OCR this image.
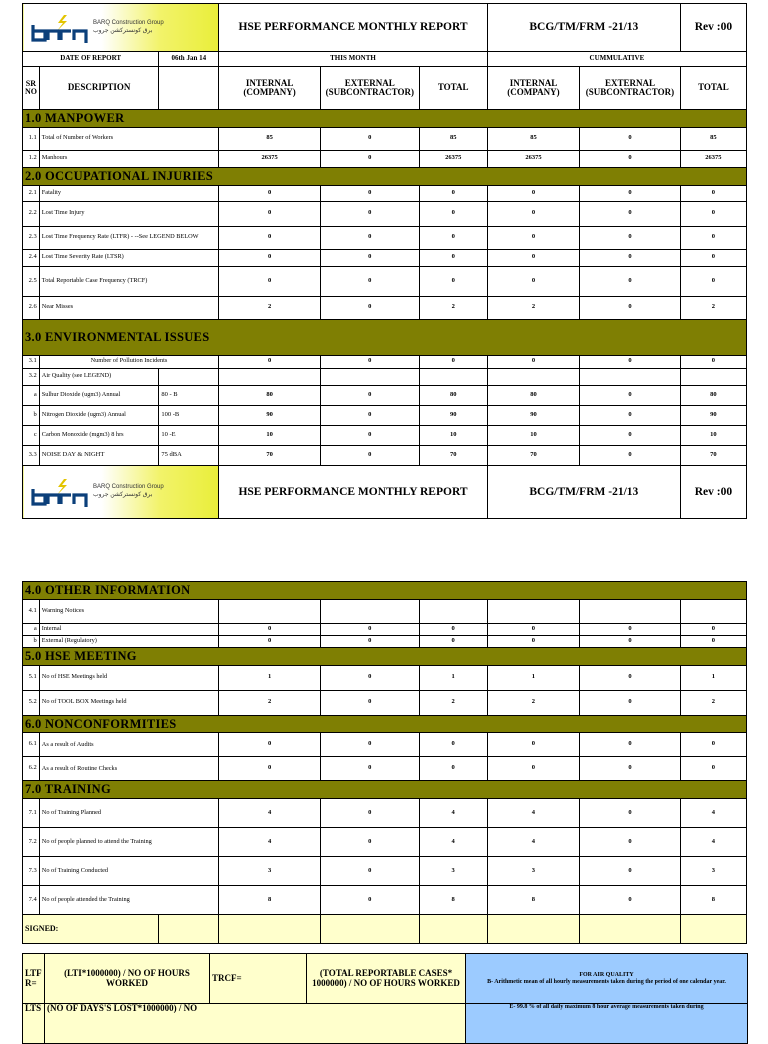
BARQ Construction Group
برق كونستركشن جروب			HSE PERFORMANCE MONTHLY REPORT			BCG/TM/FRM -21/13		Rev :00
DATE OF REPORT		06th Jan 14	THIS MONTH			CUMMULATIVE		
SR NO	DESCRIPTION		INTERNAL (COMPANY)	EXTERNAL (SUBCONTRACTOR)	TOTAL	INTERNAL (COMPANY)	EXTERNAL (SUBCONTRACTOR)	TOTAL
1.0 MANPOWER								
1.1	Total of Number of Workers		85	0	85	85	0	85
1.2	Manhours		26375	0	26375	26375	0	26375
2.0 OCCUPATIONAL INJURIES								
2.1	Fatality		0	0	0	0	0	0
2.2	Lost Time Injury		0	0	0	0	0	0
2.3	Lost Time Frequency Rate (LTFR) - --See LEGEND BELOW		0	0	0	0	0	0
2.4	Lost Time Severity Rate (LTSR)		0	0	0	0	0	0
2.5	Total Reportable Case Frequency (TRCF)		0	0	0	0	0	0
2.6	Near Misses		2	0	2	2	0	2
3.0 ENVIRONMENTAL ISSUES								
3.1	Number of Pollution Incidents		0	0	0	0	0	0
3.2	Air Quality (see LEGEND)							
a	Sulhur Dioxide (ugm3) Annual	80 - B	80	0	80	80	0	80
b	Nitrogen Dioxide (ugm3) Annual	100 -B	90	0	90	90	0	90
c	Carbon Monoxide (mgm3) 8 hrs	10 -E	10	0	10	10	0	10
3.3	NOISE DAY & NIGHT	75 dBA	70	0	70	70	0	70

BARQ Construction Group
برق كونستركشن جروب			HSE PERFORMANCE MONTHLY REPORT			BCG/TM/FRM -21/13		Rev :00
4.0 OTHER INFORMATION								
4.1	Warning Notices							
a	Internal		0	0	0	0	0	0
b	External (Regulatory)		0	0	0	0	0	0
5.0 HSE MEETING								
5.1	No of HSE Meetings held		1	0	1	1	0	1
5.2	No of TOOL BOX Meetings held		2	0	2	2	0	2
6.0 NONCONFORMITIES								
6.1	As a result of Audits		0	0	0	0	0	0
6.2	As a result of Routine Checks		0	0	0	0	0	0
7.0 TRAINING								
7.1	No of Training Planned		4	0	4	4	0	4
7.2	No of people planned to attend the Training		4	0	4	4	0	4
7.3	No of Training Conducted		3	0	3	3	0	3
7.4	No of people attended the Training		8	0	8	8	0	8
SIGNED:								
LTF R=	(LTI*1000000) / NO OF HOURS WORKED	TRCF=	(TOTAL REPORTABLE CASES* 1000000) / NO OF HOURS WORKED	FOR AIR QUALITY
B- Arithmetic mean of all hourly measurements taken during the period of one calendar year.

LTS	(NO OF DAYS'S LOST*1000000) / NO			E- 99.8 % of all daily maximum 8 hour average measurements taken during
